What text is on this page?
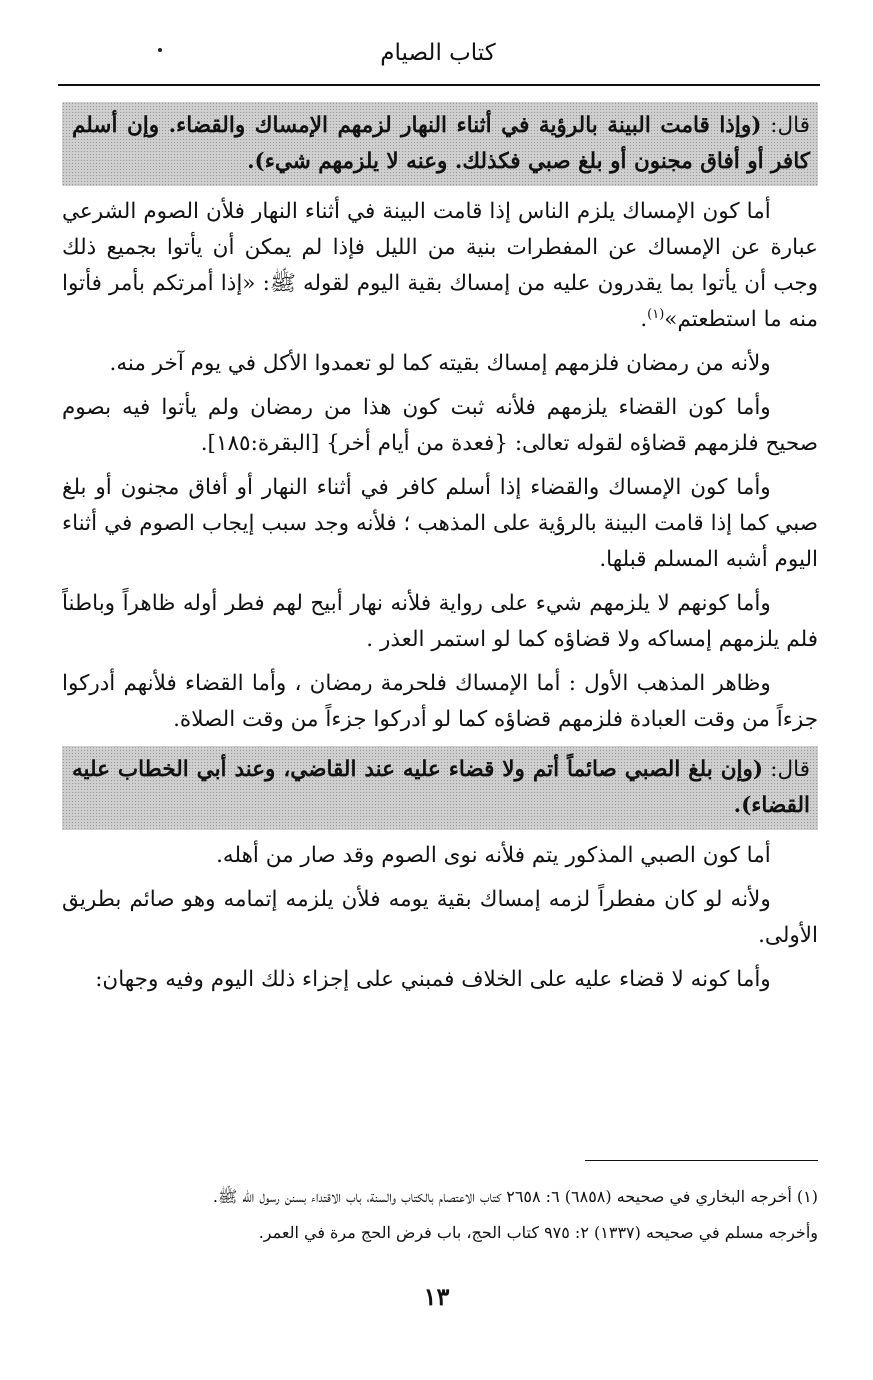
كتاب الصيام
قال: (وإذا قامت البينة بالرؤية في أثناء النهار لزمهم الإمساك والقضاء. وإن أسلم كافر أو أفاق مجنون أو بلغ صبي فكذلك. وعنه لا يلزمهم شيء).

أما كون الإمساك يلزم الناس إذا قامت البينة في أثناء النهار فلأن الصوم الشرعي عبارة عن الإمساك عن المفطرات بنية من الليل فإذا لم يمكن أن يأتوا بجميع ذلك وجب أن يأتوا بما يقدرون عليه من إمساك بقية اليوم لقوله ﷺ: «إذا أمرتكم بأمر فأتوا منه ما استطعتم»$^{(١)}$.

ولأنه من رمضان فلزمهم إمساك بقيته كما لو تعمدوا الأكل في يوم آخر منه.

وأما كون القضاء يلزمهم فلأنه ثبت كون هذا من رمضان ولم يأتوا فيه بصوم صحيح فلزمهم قضاؤه لقوله تعالى: {فعدة من أيام أخر} [البقرة:١٨٥].

وأما كون الإمساك والقضاء إذا أسلم كافر في أثناء النهار أو أفاق مجنون أو بلغ صبي كما إذا قامت البينة بالرؤية على المذهب ؛ فلأنه وجد سبب إيجاب الصوم في أثناء اليوم أشبه المسلم قبلها.

وأما كونهم لا يلزمهم شيء على رواية فلأنه نهار أبيح لهم فطر أوله ظاهراً وباطناً فلم يلزمهم إمساكه ولا قضاؤه كما لو استمر العذر .

وظاهر المذهب الأول : أما الإمساك فلحرمة رمضان ، وأما القضاء فلأنهم أدركوا جزءاً من وقت العبادة فلزمهم قضاؤه كما لو أدركوا جزءاً من وقت الصلاة.

قال: (وإن بلغ الصبي صائماً أتم ولا قضاء عليه عند القاضي، وعند أبي الخطاب عليه القضاء).

أما كون الصبي المذكور يتم فلأنه نوى الصوم وقد صار من أهله.

ولأنه لو كان مفطراً لزمه إمساك بقية يومه فلأن يلزمه إتمامه وهو صائم بطريق الأولى.

وأما كونه لا قضاء عليه على الخلاف فمبني على إجزاء ذلك اليوم وفيه وجهان:

(١) أخرجه البخاري في صحيحه (٦٨٥٨) ٦: ٢٦٥٨ كتاب الاعتصام بالكتاب والسنة، باب الاقتداء بسنن رسول الله ﷺ.

وأخرجه مسلم في صحيحه (١٣٣٧) ٢: ٩٧٥ كتاب الحج، باب فرض الحج مرة في العمر.

١٣
